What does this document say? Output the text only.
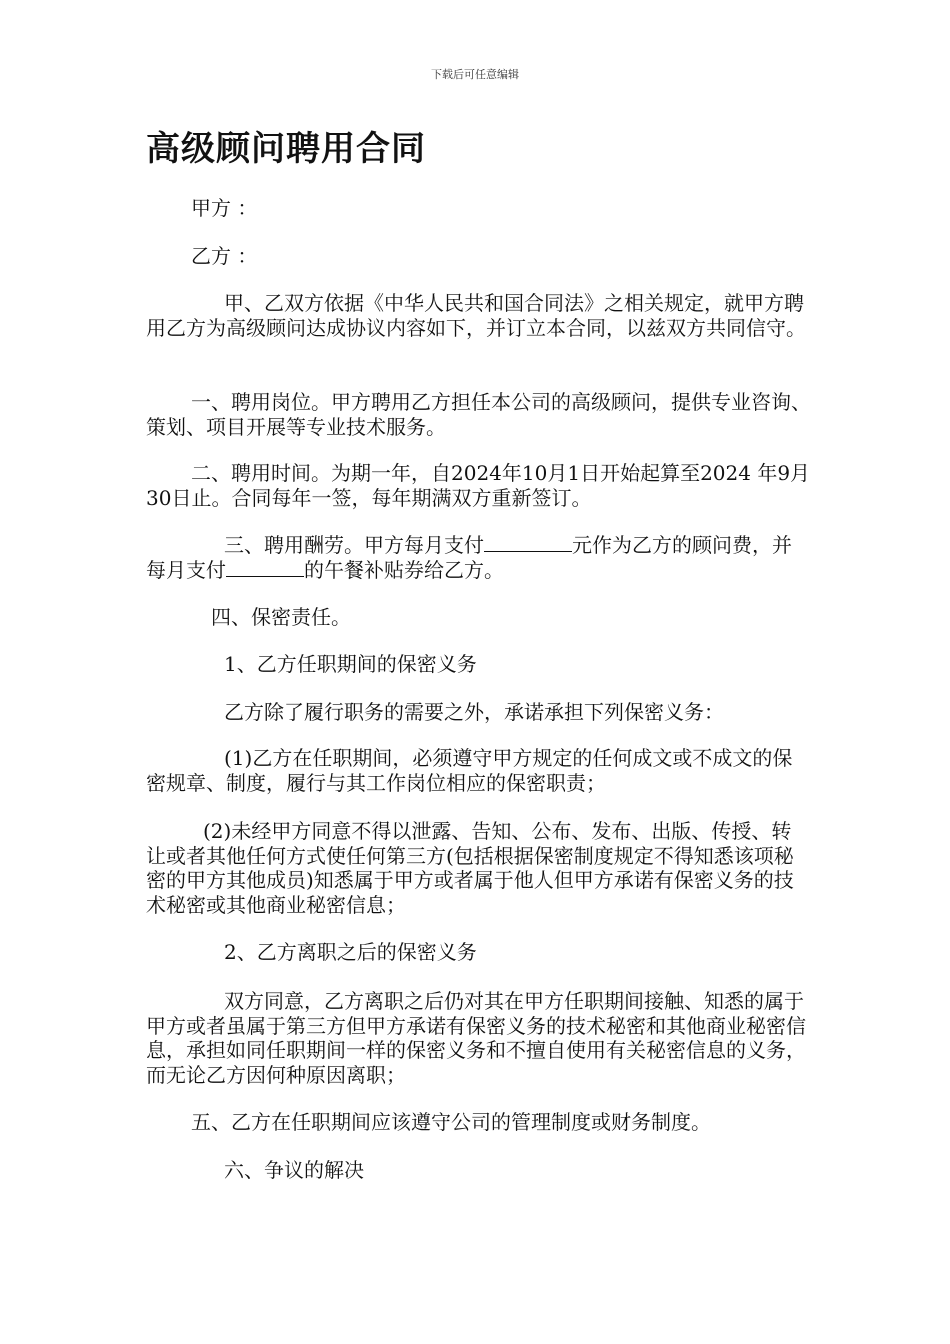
下载后可任意编辑
高级顾问聘用合同

甲方 ：

乙方 ：

甲、乙双方依据《中华人民共和国合同法》之相关规定，就甲方聘用乙方为高级顾问达成协议内容如下，并订立本合同，以兹双方共同信守。

一、聘用岗位。甲方聘用乙方担任本公司的高级顾问，提供专业咨询、策划、项目开展等专业技术服务。

二、聘用时间。为期一年，自2024年10月1日开始起算至2024 年9月30日止。合同每年一签，每年期满双方重新签订。

三、聘用酬劳。甲方每月支付	元作为乙方的顾问费，并每月支付	的午餐补贴券给乙方。

四、保密责任。

1、乙方任职期间的保密义务

乙方除了履行职务的需要之外，承诺承担下列保密义务：

(1)乙方在任职期间，必须遵守甲方规定的任何成文或不成文的保密规章、制度，履行与其工作岗位相应的保密职责；

(2)未经甲方同意不得以泄露、告知、公布、发布、出版、传授、转让或者其他任何方式使任何第三方(包括根据保密制度规定不得知悉该项秘密的甲方其他成员)知悉属于甲方或者属于他人但甲方承诺有保密义务的技术秘密或其他商业秘密信息；

2、乙方离职之后的保密义务

双方同意，乙方离职之后仍对其在甲方任职期间接触、知悉的属于甲方或者虽属于第三方但甲方承诺有保密义务的技术秘密和其他商业秘密信息，承担如同任职期间一样的保密义务和不擅自使用有关秘密信息的义务，而无论乙方因何种原因离职；

五、乙方在任职期间应该遵守公司的管理制度或财务制度。

六、争议的解决
